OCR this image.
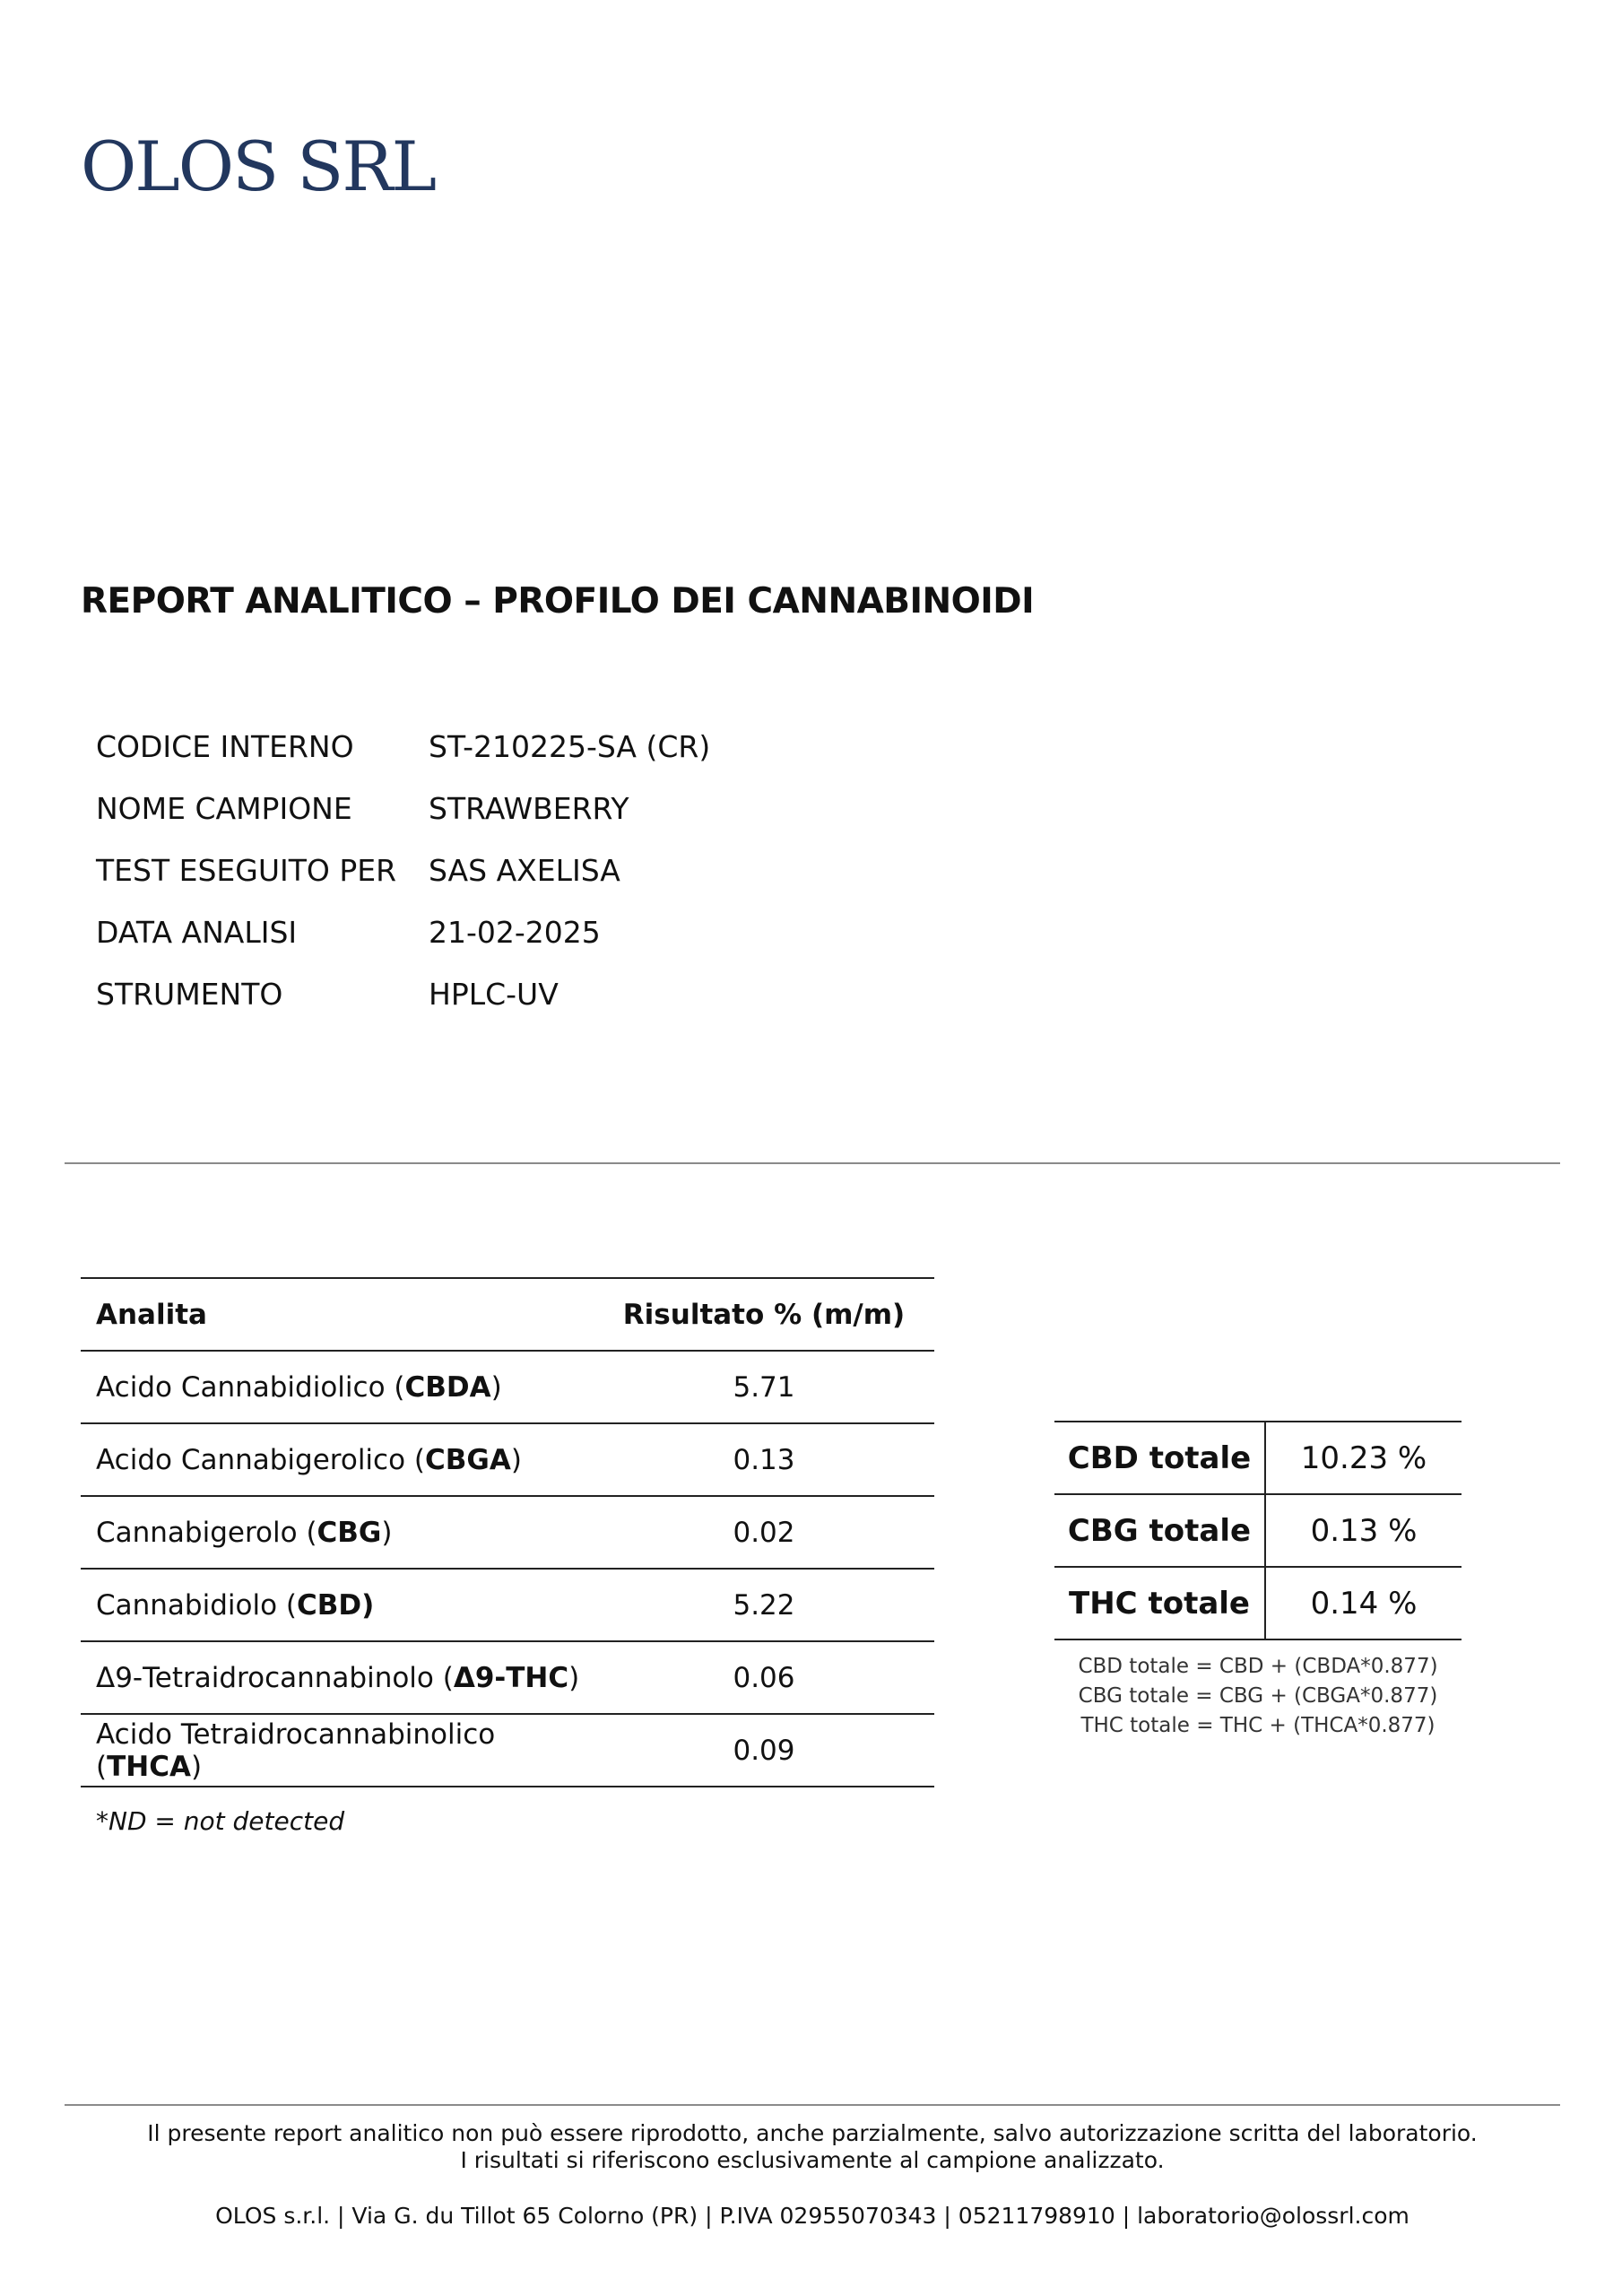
OLOS SRL
REPORT ANALITICO – PROFILO DEI CANNABINOIDI
CODICE INTERNO	ST-210225-SA (CR)
NOME CAMPIONE	STRAWBERRY
TEST ESEGUITO PER	SAS AXELISA
DATA ANALISI	21-02-2025
STRUMENTO	HPLC-UV
Analita	Risultato % (m/m)
Acido Cannabidiolico (CBDA)	5.71
Acido Cannabigerolico (CBGA)	0.13
Cannabigerolo (CBG)	0.02
Cannabidiolo (CBD)	5.22
Δ9-Tetraidrocannabinolo (Δ9-THC)	0.06
Acido Tetraidrocannabinolico (THCA)	0.09
*ND = not detected
CBD totale	10.23 %
CBG totale	0.13 %
THC totale	0.14 %
CBD totale = CBD + (CBDA*0.877)
CBG totale = CBG + (CBGA*0.877)
THC totale = THC + (THCA*0.877)
Il presente report analitico non può essere riprodotto, anche parzialmente, salvo autorizzazione scritta del laboratorio.
I risultati si riferiscono esclusivamente al campione analizzato.
OLOS s.r.l. | Via G. du Tillot 65 Colorno (PR) | P.IVA 02955070343 | 05211798910 | laboratorio@olossrl.com
